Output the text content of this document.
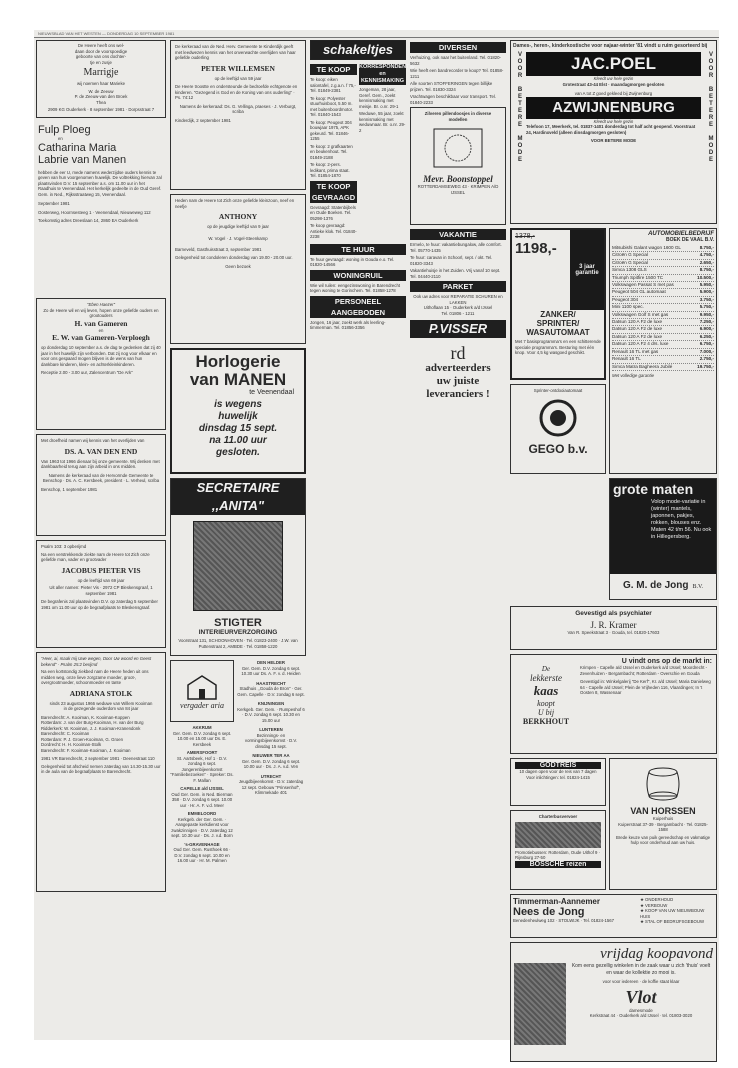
NIEUWSBLAD VAN HET WESTEN — DONDERDAG 10 SEPTEMBER 1981
De Heere heeft ons wel-
daan door de voorspoedige
geboorte van ons dochter-
tje en zusje
Marrigje
wij noemen haar Marieke
W. de Zeeuw
P. de Zeeuw-van den Broek
Thea
2909 KG Ouderkerk · 8 september 1981 · Dorpsstraat 7
Fulp Ploeg
en
Catharina Maria
Labrie van Manen
hebben de eer U, mede namens wederzijdse ouders kennis te geven van hun voorgenomen huwelijk. De voltrekking hiervan zal plaatsvinden D.V. 15 september a.s. om 11.00 uur in het Raadhuis te Veenendaal. Het kerkelijk gedeelte in de Oud Geref. Gem. in Ned., Rijksstraatweg 15, Veenendaal.
September 1981
Oosterweg, Hoornsesteeg 1 · Veenendaal, Nieuweweg 112
Toekomstig adres Dreeslaan 14, 2860 EA Ouderkerk
"Eben Haezer"
Zo de Heere wil en wij leven, hopen onze geliefde ouders en grootouders
H. van Gameren
en
E. W. van Gameren-Verploegh
op donderdag 10 september a.s. de dag te gedenken dat zij 40 jaar in het huwelijk zijn verbonden. Dat zij nog voor elkaar en voor ons gespaard mogen blijven is de wens van hun dankbare kinderen, klein- en achterkleinkinderen.
Receptie 2.00 - 3.00 uur, Zalencentrum "De Ark"
Met droefheid namen wij kennis van het overlijden van
DS. A. VAN DEN END
Van 1963 tot 1966 dienaar bij onze gemeente. Wij denken met dankbaarheid terug aan zijn arbeid in ons midden.
Namens de kerkeraad van de Hervormde Gemeente te Benschop · Ds. A. C. Kersbeek, president · L. Verheul, scriba
Benschop, 1 september 1981
Psalm 103: 3 opberijmd
Na een verstrekkende ziekte nam de Heere tot Zich onze geliefde man, vader en grootvader
JACOBUS PIETER VIS
op de leeftijd van 69 jaar
Uit aller namen: Pieter Vis · 2972 CP Bleskensgraaf, 1 september 1981
De begrafenis zal plaatsvinden D.V. op zaterdag 5 september 1981 om 11.00 uur op de begraafplaats te Bleskensgraaf.
"Heer, ai, maak mij Uwe wegen, Door Uw woord en Geest bekend" · Psalm 25:2 berijmd
Na een kortstondig ziekbed nam de Heere heden uit ons midden weg, onze lieve zorgzame moeder, groot-, overgrootmoeder, schoonmoeder en tante
ADRIANA STOLK
sinds 23 augustus 1966 weduwe van Willem Kooiman
in de gezegende ouderdom van 84 jaar
Barendrecht: A. Kooiman, K. Kooiman-Koppen
Rotterdam: J. van der Burg-Kooiman, H. van der Burg
Ridderkerk: W. Kooiman, J. J. Kooiman-Kranendonk
Barendrecht: C. Kooiman
Rotterdam: P. J. Groen-Kooiman, G. Groen
Dordrecht: H. H. Kooiman-Stolk
Barendrecht: F. Kooiman-Kooiman, J. Kooiman
1981 VR Barendrecht, 2 september 1981 · Deenestraat 110
Gelegenheid tot afscheid nemen zaterdag van 14.30-15.30 uur in de aula van de begraafplaats te Barendrecht.
De kerkeraad van de Ned. Herv. Gemeente te Kinderdijk geeft met leedwezen kennis van het onverwachte overlijden van haar geliefde ouderling
PETER WILLEMSEN
op de leeftijd van 59 jaar
De Heere troostte en ondersteunde de bedroefde echtgenote en kinderen. "Gezegend is God en de Koning van ons ouderling" · Ps. 74:12
Namens de kerkeraad: Ds. G. Vellinga, praeses · J. Verburgt, scriba
Kinderdijk, 2 september 1981
Heden nam de Heere tot Zich onze geliefde kleinzoon, neef en neefje
ANTHONY
op de jeugdige leeftijd van 9 jaar
W. Vogel · J. Vogel-Steenkamp
Barneveld, Gasthuisstraat 3, september 1981
Gelegenheid tot condoleren donderdag van 19.00 - 20.00 uur.
Geen bezoek
Horlogerie
van MANEN
te Veenendaal
is wegens
huwelijk
dinsdag 15 sept.
na 11.00 uur
gesloten.
SECRETAIRE ,,ANITA"
STIGTER
INTERIEURVERZORGING
Voorstraat 131, SCHOONHOVEN · Tel. 01823-2400 · J.W. van Puttenstraat 2, AMBDE · Tel. 01858-1220
vergader aria
AKKRUM
Ger. Gem. D.V. zondag 6 sept. 10.00 en 15.00 uur Ds. E. Kersbeek
AMERSFOORT
St. Aartsbeek, Hof 1 · D.V. zondag 6 sept. Jongerenbijeenkomst "Familiebezoeken" · Spreker: Ds. F. Mallan
CAPELLE a/d IJSSEL
Oud Ger. Gem. in Ned. Bierman 358 · D.V. zondag 6 sept. 10.00 uur · Hr. A. F. v.d. Meer
EMMELOORD
Kerkgeb. der Ger. Gem. · Aangepaste kerkdienst voor zwakzinnigen · D.V. zaterdag 12 sept. 10.30 uur · Ds. J. v.d. Born
's-GRAVENHAGE
Oud Ger. Gem. Rusthoek 66 · D.V. zondag 6 sept. 10.00 en 16.00 uur · Hr. M. Palmen
DEN HELDER
Ger. Gem. D.V. zondag 6 sept. 10.30 uur Ds. A. F. v. d. Heiden
HAASTRECHT
Stadhuis ,,Gouda de Bron" · Ger. Gem. Capelle · D.V. zondag 6 sept.
KNIJNINGEN
Kerkgeb. Ger. Gem. · Rumpeshof 6 · D.V. zondag 6 sept. 10.30 en 15.00 uur
LUNTEREN
Bezinnings- en vormingsbijeenkomst · D.V. dinsdag 15 sept.
NIEUWER TER AA
Ger. Gem. D.V. zondag 6 sept. 10.00 uur · Ds. J. A. v.d. Ven
UTRECHT
Jeugdbijeenkomst · D.V. zaterdag 12 sept. Gebouw "Prinsenhof", Klimmekade 401
schakeltjes
TE KOOP

Te koop: eiken salontafel, z.g.a.n. f 75,- Tel. 01849-2381

Te koop: Polyester stuurhuisboot, 5.50 m. met buitenboordmotor. Tel. 01840-1543

Te koop: Peugeot 304 bouwjaar 1975, APK gekeurd. Tel. 01846-1255

Te koop: 2 grafkaarten en beukenhout. Tel. 01849-2188

Te koop: 2-pers. ledikant, prima staat. Tel. 01854-1870

TE KOOP GEVRAAGD

Gevraagd: Statenbijbels en Oude Boeken. Tel. 05298-1376

Te koop gevraagd: Antieke klok. Tel. 01840-2238

KORRESPONDENTIE en KENNISMAKING

Jongeman, 28 jaar, Geref. Gem., zoekt kennismaking met meisje. Br. o.nr. 29-1

Weduwe, 55 jaar, zoekt kennismaking met weduwnaar. Br. o.nr. 29-2

TE HUUR

Te huur gevraagd: woning in Gouda e.o. Tel. 01820-14566

WONINGRUIL

Wie wil ruilen: eengezinswoning in Barendrecht tegen woning te Gorinchem. Tel. 01858-1278

PERSONEEL AANGEBODEN

Jongen, 16 jaar, zoekt werk als leerling-timmerman. Tel. 01856-3356

DIVERSEN

Verhuizing, ook naar het buitenland. Tel. 01820-5632

Wie heeft een bandrecorder te koop? Tel. 01858-1211

Alle soorten STOFFERINGEN tegen billijke prijzen. Tel. 01830-3324

Vrachtwagen beschikbaar voor transport. Tel. 01840-2233

Zilveren pillendoosjes in diverse modellen
Mevr. Boonstoppel
ROTTERDAMSEWEG 43 · KRIMPEN A/D IJSSEL
VAKANTIE

Ermelo, te huur: vakantiebungalow, alle comfort. Tel. 05770-1435

Te huur: caravan in Schoorl, sept. / okt. Tel. 01820-3343

Vakantiehuisje in het Zuiden. Vrij vanaf 10 sept. Tel. 04440-2110

PARKET
Ook uw adres voor REPARATIE SCHUREN en LAKKEN
Uithoflaan 15 · Ouderkerk a/d IJssel
Tel. 01806 - 1211
P.VISSER
rd
adverteerders
uw juiste
leveranciers !
Dames-, heren-, kinderkostische voor najaar-winter '81 vindt u ruim gesorteerd bij
VOOR BETERE MODE	JAC.POEL
Kleedt uw hele gezin
Grotestraat 43-44 Elst · maandagmorgen gesloten
van A tot Z goed gekleed bij Zwijnenburg
AZWIJNENBURG
Kleedt uw hele gezin
Telefoon 17, Meerkerk, tel. 01837-1401 donderdag tot half acht geopend. Voorstraat 24, Hardinxveld (alleen dinsdagmorgen gesloten)
VOOR BETERE MODE	VOOR BETERE MODE
1378,-
1198,-
3 jaar garantie
ZANKER/
SPRINTER/
WASAUTOMAAT
Met 7 basisprogramma's en een schitterende speciale programma's. Besturing met één knop. Voor 4,5 kg wasgoed geschikt.
Sprinter-ontdooiautomaat
GEGO b.v.
AUTOMOBIELBEDRIJF
BOEK DE VAAL B.V.
Mitsubishi Galant wagon 1600 GL	8.750,-
Citroën G Special	4.750,-
Citroën G Special	2.650,-
Simca 1308 GLS	8.750,-
Triumph Spitfire 1500 TC	10.500,-
Volkswagen Passat S met pas	5.950,-
Peugeot 504 GL automaat	5.900,-
Peugeot 304	3.750,-
Mini 1100 spec.	5.750,-
Volkswagen Golf S met gas	9.950,-
Datsun 120 A F2 de luxe	7.250,-
Datsun 120 A F2 de luxe	6.900,-
Datsun 120 A F2 de luxe	6.250,-
Datsun 120 A F2 4 drs. luxe	6.750,-
Renault 16 TL met gas	7.000,-
Renault 16 TL	2.750,-
Simca Matra Bagheera Jubilé	19.750,-
Met volledige garantie
grote maten
Volop mode-variatie in (winter) mantels, japonnen, pakjes, rokken, blouses enz. Maten 42 t/m 56. Nu ook in Hillegersberg.
G. M. de Jong B.V.
Gevestigd als psychiater
J. R. Kramer
Van R. Speekstraat 3 · Gouda, tel. 01820-17603
U vindt ons op de markt in:
De
lekkerste
kaas
koopt
U bij
BERKHOUT
Krimpen - Capelle a/d IJssel en Ouderkerk a/d IJssel; Moordrecht - Zevenhuizen - Bergambacht; Rotterdam - Overschie en Gouda
Gevestigd in: Winkelgalerij "De Kerf", Kr. a/d IJssel; Maria Danielweg 64 - Capelle a/d IJssel; Plein de Vrijheden 116, Vlaardingen; In 't Oosten 8, Wassenaar
GODTREIS
10 dagen open voor de reis van 7 dagen
Voor inlichtingen: tel. 01824-1415
Charterbusvervoer
Promotiebussen: Rotterdam, Oude Uithof 9 · Rijnsburg 27-50
BOSSCHE reizen
VAN HORSSEN
Kuiperhuis
Kuiperstraat 37-39 · Bergambacht · Tel. 01825-1588
Brede keuze van puik gereedschap en vakmatige hulp voor onderhoud aan uw huis.
Timmerman-Aannemer
Nees de Jong
Benedenheulweg 102 · STOLWIJK · Tel. 01824-1567
★ ONDERHOUD
★ VERBOUW
★ KOOP VAN UW NIEUWBOUW HUIS
★ STAL OF BEDRIJFSGEBOUW
vrijdag koopavond
Kom eens gezellig winkelen in de zaak waar u zich 'thuis' voelt en waar de kollektie zo mooi is.
voor voor iedereen · de koffie staat klaar
Vlot
damesmode
Kerkstraat 44 · Ouderkerk a/d IJssel · tel. 01803-3020
